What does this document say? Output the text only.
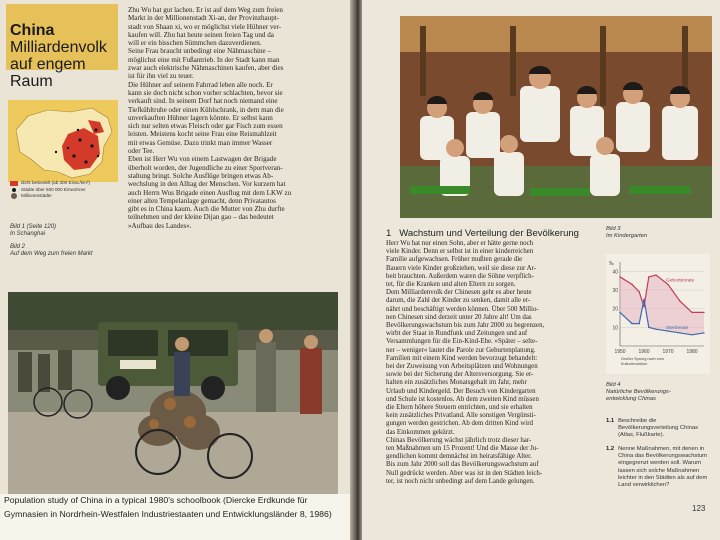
China
Milliardenvolk
auf engem Raum
dicht besiedelt (ab 300 Einw./km²)
Städte über 500 000 Einwohner
Millionenstädte
Zhu Wu hat gut lachen. Er ist auf dem Weg zum freien
Markt in der Millionenstadt Xi-an, der Provinzhaupt-
stadt von Shaan xi, wo er möglichst viele Hühner ver-
kaufen will. Zhu hat heute seinen freien Tag und da
will er ein bisschen Sümmchen dazuverdienen.
Seine Frau braucht unbedingt eine Nähmaschine –
möglichst eine mit Fußantrieb. In der Stadt kann man
zwar auch elektrische Nähmaschinen kaufen, aber dies
ist für ihn viel zu teuer.
Die Hühner auf seinem Fahrrad leben alle noch. Er
kann sie doch nicht schon vorher schlachten, bevor sie
verkauft sind. In seinem Dorf hat noch niemand eine
Tiefkühltruhe oder einen Kühlschrank, in dem man die
unverkauften Hühner lagern könnte. Er selbst kann
sich nur selten etwas Fleisch oder gar Fisch zum essen
leisten. Meistens kocht seine Frau eine Reismahlzeit
mit etwas Gemüse. Dazu trinkt man immer Wasser
oder Tee.
Eben ist Herr Wu von einem Lastwagen der Brigade
überholt worden, der Jugendliche zu einer Sportveran-
staltung bringt. Solche Ausflüge bringen etwas Ab-
wechslung in den Alltag der Menschen. Vor kurzem hat
auch Herrn Wus Brigade einen Ausflug mit dem LKW zu
einer alten Tempelanlage gemacht, denn Privatautos
gibt es in China kaum. Auch die Mutter von Zhu durfte
teilnehmen und der kleine Dijan gao – das bedeutet
»Aufbau des Landes«.
Bild 1 (Seite 120)
In Schanghai
Bild 2
Auf dem Weg zum freien Markt
Population study of China in a typical 1980's schoolbook (Diercke Erdkunde für Gymnasien in Nordrhein-Westfalen Industriestaaten und Entwicklungsländer 8, 1986)
1 Wachstum und Verteilung der Bevölkerung
Herr Wu hat nur einen Sohn, aber er hätte gerne noch
viele Kinder. Denn er selbst ist in einer kinderreichen
Familie aufgewachsen. Früher mußten gerade die
Bauern viele Kinder großziehen, weil sie diese zur Ar-
beit brauchten. Außerdem waren die Söhne verpflich-
tet, für die Kranken und alten Eltern zu sorgen.
Dem Milliardenvolk der Chinesen geht es aber heute
darum, die Zahl der Kinder zu senken, damit alle er-
nährt und beschäftigt werden können. Über 500 Millio-
nen Chinesen sind derzeit unter 20 Jahre alt! Um das
Bevölkerungswachstum bis zum Jahr 2000 zu begrenzen,
wirbt der Staat in Rundfunk und Zeitungen und auf
Versammlungen für die Ein-Kind-Ehe. »Später – selte-
ner – weniger« lautet die Parole zur Geburtenplanung.
Familien mit einem Kind werden bevorzugt behandelt:
bei der Zuweisung von Arbeitsplätzen und Wohnungen
sowie bei der Sicherung der Altersversorgung. Sie er-
halten ein zusätzliches Monatsgehalt im Jahr, mehr
Urlaub und Kindergeld. Der Besuch von Kindergarten
und Schule ist kostenlos. Ab dem zweiten Kind müssen
die Eltern höhere Steuern entrichten, und sie erhalten
kein zusätzliches Privatland. Alle sonstigen Vergünsti-
gungen werden gestrichen. Ab dem dritten Kind wird
das Einkommen gekürzt.
Chinas Bevölkerung wächst jährlich trotz dieser har-
ten Maßnahmen um 15 Prozent! Und die Masse der Ju-
gendlichen kommt demnächst im heiratsfähige Alter.
Bis zum Jahr 2000 soll das Bevölkerungswachstum auf
Null gedrückt werden. Aber was ist in den Städten leich-
ter, ist noch nicht unbedingt auf dem Lande gelungen.
Bild 3
Im Kindergarten
10
20
30
40
1950	1960	1970	1980
‰
Geburtenrate
Sterberate
Großer Sprung nach vorn
Kulturrevolution
Bild 4
Natürliche Bevölkerungs-
entwicklung Chinas
1.1 Beschreibe die Bevölkerungsverteilung Chinas (Atlas, Flußkarte).
1.2 Nenne Maßnahmen, mit denen in China das Bevölkerungswachstum eingegrenzt werden soll. Warum lassen sich solche Maßnahmen leichter in den Städten als auf dem Land verwirklichen?
123
